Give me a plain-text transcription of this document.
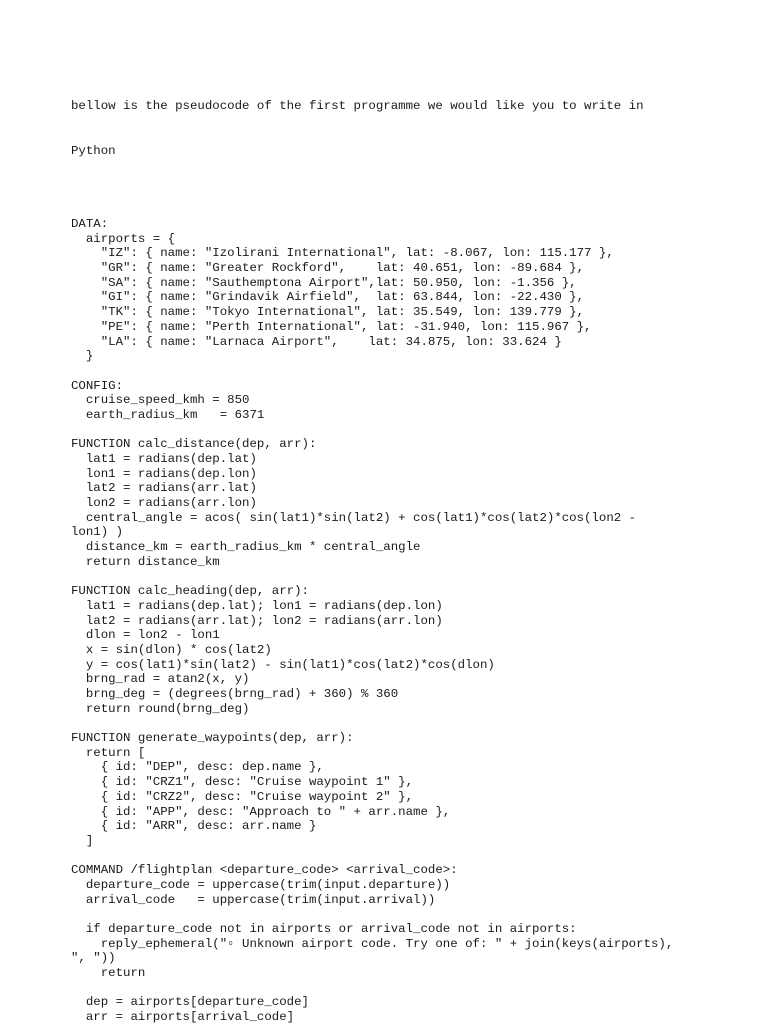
bellow is the pseudocode of the first programme we would like you to write in

Python

DATA:
airports = {
"IZ": { name: "Izolirani International", lat: -8.067, lon: 115.177 },
"GR": { name: "Greater Rockford",    lat: 40.651, lon: -89.684 },
"SA": { name: "Sauthemptona Airport",lat: 50.950, lon: -1.356 },
"GI": { name: "Grindavik Airfield",  lat: 63.844, lon: -22.430 },
"TK": { name: "Tokyo International", lat: 35.549, lon: 139.779 },
"PE": { name: "Perth International", lat: -31.940, lon: 115.967 },
"LA": { name: "Larnaca Airport",    lat: 34.875, lon: 33.624 }
}
CONFIG:
cruise_speed_kmh = 850
earth_radius_km   = 6371
FUNCTION calc_distance(dep, arr):
lat1 = radians(dep.lat)
lon1 = radians(dep.lon)
lat2 = radians(arr.lat)
lon2 = radians(arr.lon)
central_angle = acos( sin(lat1)*sin(lat2) + cos(lat1)*cos(lat2)*cos(lon2 -
lon1) )
distance_km = earth_radius_km * central_angle
return distance_km
FUNCTION calc_heading(dep, arr):
lat1 = radians(dep.lat); lon1 = radians(dep.lon)
lat2 = radians(arr.lat); lon2 = radians(arr.lon)
dlon = lon2 - lon1
x = sin(dlon) * cos(lat2)
y = cos(lat1)*sin(lat2) - sin(lat1)*cos(lat2)*cos(dlon)
brng_rad = atan2(x, y)
brng_deg = (degrees(brng_rad) + 360) % 360
return round(brng_deg)
FUNCTION generate_waypoints(dep, arr):
return [
{ id: "DEP", desc: dep.name },
{ id: "CRZ1", desc: "Cruise waypoint 1" },
{ id: "CRZ2", desc: "Cruise waypoint 2" },
{ id: "APP", desc: "Approach to " + arr.name },
{ id: "ARR", desc: arr.name }
]
COMMAND /flightplan <departure_code> <arrival_code>:
departure_code = uppercase(trim(input.departure))
arrival_code   = uppercase(trim(input.arrival))
if departure_code not in airports or arrival_code not in airports:
reply_ephemeral("▫ Unknown airport code. Try one of: " + join(keys(airports),
", "))
return
dep = airports[departure_code]
arr = airports[arrival_code]
